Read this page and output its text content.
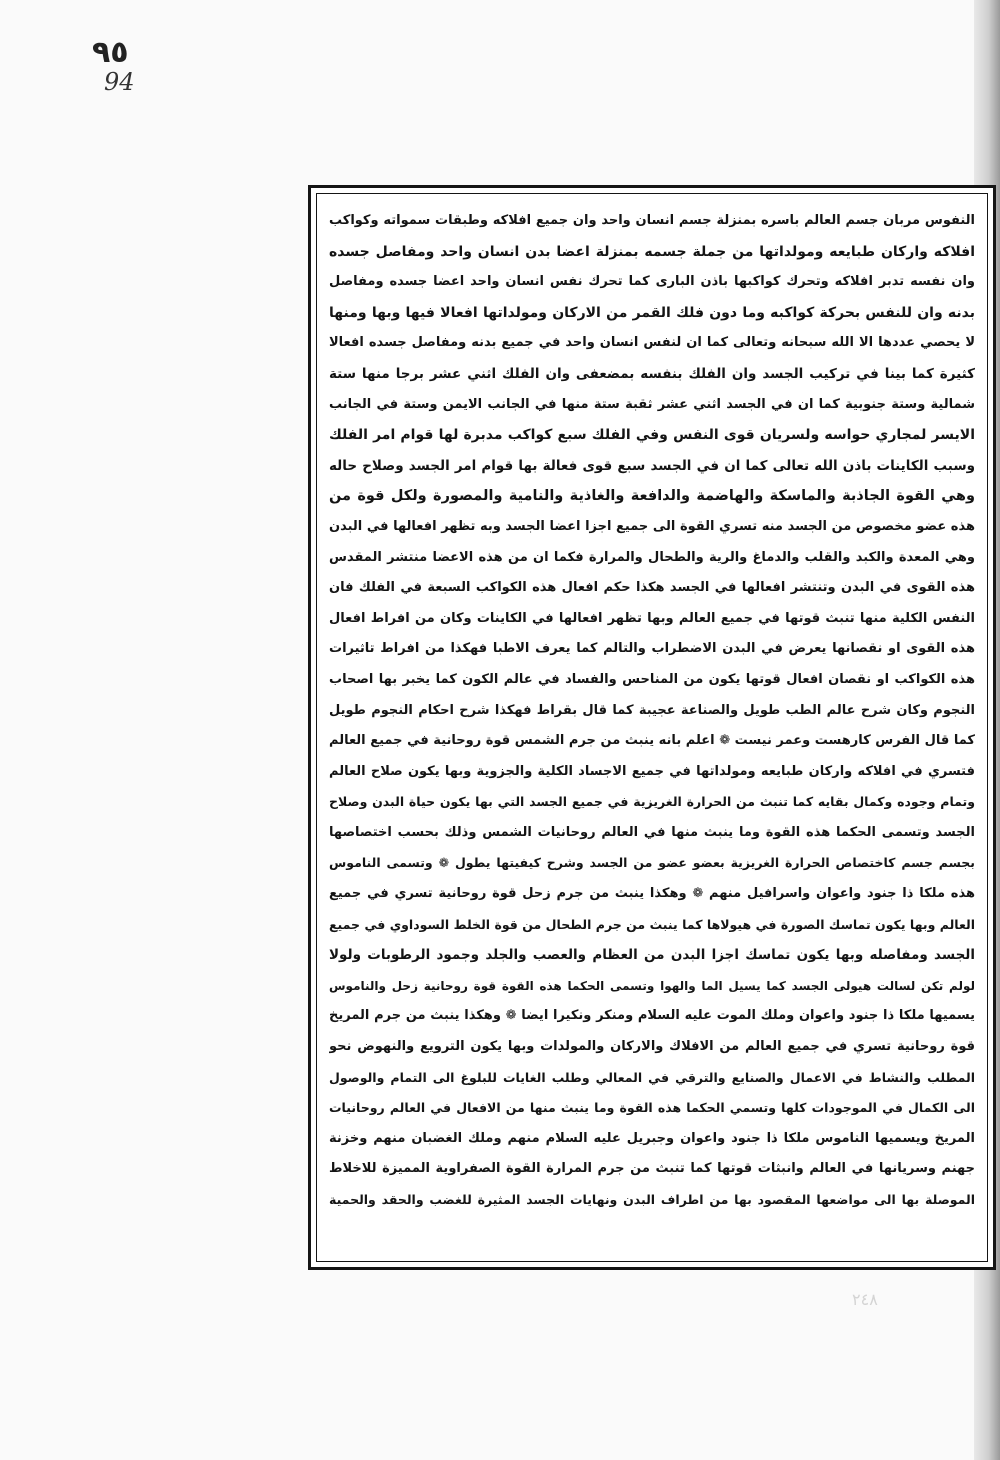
٩٥
94
النفوس مربان جسم العالم باسره بمنزلة جسم انسان واحد وان جميع افلاكه وطبقات سمواته وكواكب
افلاكه واركان طبايعه ومولداتها من جملة جسمه بمنزلة اعضا بدن انسان واحد ومفاصل جسده
وان نفسه تدبر افلاكه وتحرك كواكبها باذن البارى كما تحرك نفس انسان واحد اعضا جسده ومفاصل
بدنه وان للنفس بحركة كواكبه وما دون فلك القمر من الاركان ومولداتها افعالا فيها وبها ومنها
لا يحصي عددها الا الله سبحانه وتعالى كما ان لنفس انسان واحد في جميع بدنه ومفاصل جسده افعالا
كثيرة كما بينا في تركيب الجسد وان الفلك بنفسه بمضعفى وان الفلك اثني عشر برجا منها ستة
شمالية وستة جنوبية كما ان في الجسد اثني عشر ثقبة ستة منها في الجانب الايمن وستة في الجانب
الايسر لمجاري حواسه ولسريان قوى النفس وفي الفلك سبع كواكب مدبرة لها قوام امر الفلك
وسبب الكاينات باذن الله تعالى كما ان في الجسد سبع قوى فعالة بها قوام امر الجسد وصلاح حاله
وهي القوة الجاذبة والماسكة والهاضمة والدافعة والغاذية والنامية والمصورة ولكل قوة من
هذه عضو مخصوص من الجسد منه تسري القوة الى جميع اجزا اعضا الجسد وبه تظهر افعالها في البدن
وهي المعدة والكبد والقلب والدماغ والرية والطحال والمرارة فكما ان من هذه الاعضا منتشر المقدس
هذه القوى في البدن وتنتشر افعالها في الجسد هكذا حكم افعال هذه الكواكب السبعة في الفلك فان
النفس الكلية منها تنبث قوتها في جميع العالم وبها تظهر افعالها في الكاينات وكان من افراط افعال
هذه القوى او نقصانها يعرض في البدن الاضطراب والتالم كما يعرف الاطبا فهكذا من افراط تاثيرات
هذه الكواكب او نقصان افعال قوتها يكون من المناحس والفساد في عالم الكون كما يخبر بها اصحاب
النجوم وكان شرح عالم الطب طويل والصناعة عجيبة كما قال بقراط فهكذا شرح احكام النجوم طويل
كما قال الفرس كارهست وعمر نيست ❁ اعلم بانه ينبث من جرم الشمس قوة روحانية في جميع العالم
فتسري في افلاكه واركان طبايعه ومولداتها في جميع الاجساد الكلية والجزوية وبها يكون صلاح العالم
وتمام وجوده وكمال بقايه كما تنبث من الحرارة الغريزية في جميع الجسد التي بها يكون حياة البدن وصلاح
الجسد وتسمى الحكما هذه القوة وما ينبث منها في العالم روحانيات الشمس وذلك بحسب اختصاصها
بجسم جسم كاختصاص الحرارة الغريزية بعضو عضو من الجسد وشرح كيفيتها يطول ❁ وتسمى الناموس
هذه ملكا ذا جنود واعوان واسرافيل منهم ❁ وهكذا ينبث من جرم زحل قوة روحانية تسري في جميع
العالم وبها يكون تماسك الصورة في هيولاها كما ينبث من جرم الطحال من قوة الخلط السوداوي في جميع
الجسد ومفاصله وبها يكون تماسك اجزا البدن من العظام والعصب والجلد وجمود الرطوبات ولولا
لولم تكن لسالت هيولى الجسد كما يسيل الما والهوا وتسمى الحكما هذه القوة قوة روحانية زحل والناموس
يسميها ملكا ذا جنود واعوان وملك الموت عليه السلام ومنكر ونكيرا ايضا ❁ وهكذا ينبث من جرم المريخ
قوة روحانية تسري في جميع العالم من الافلاك والاركان والمولدات وبها يكون الترويع والنهوض نحو
المطلب والنشاط في الاعمال والصنايع والترقي في المعالي وطلب الغايات للبلوغ الى التمام والوصول
الى الكمال في الموجودات كلها وتسمي الحكما هذه القوة وما ينبث منها من الافعال في العالم روحانيات
المريخ ويسميها الناموس ملكا ذا جنود واعوان وجبريل عليه السلام منهم وملك الغضبان منهم وخزنة
جهنم وسريانها في العالم وانبثات قوتها كما تنبث من جرم المرارة القوة الصفراوية المميزة للاخلاط
الموصلة بها الى مواضعها المقصود بها من اطراف البدن ونهايات الجسد المثيرة للغضب والحقد والحمية
٢٤٨
